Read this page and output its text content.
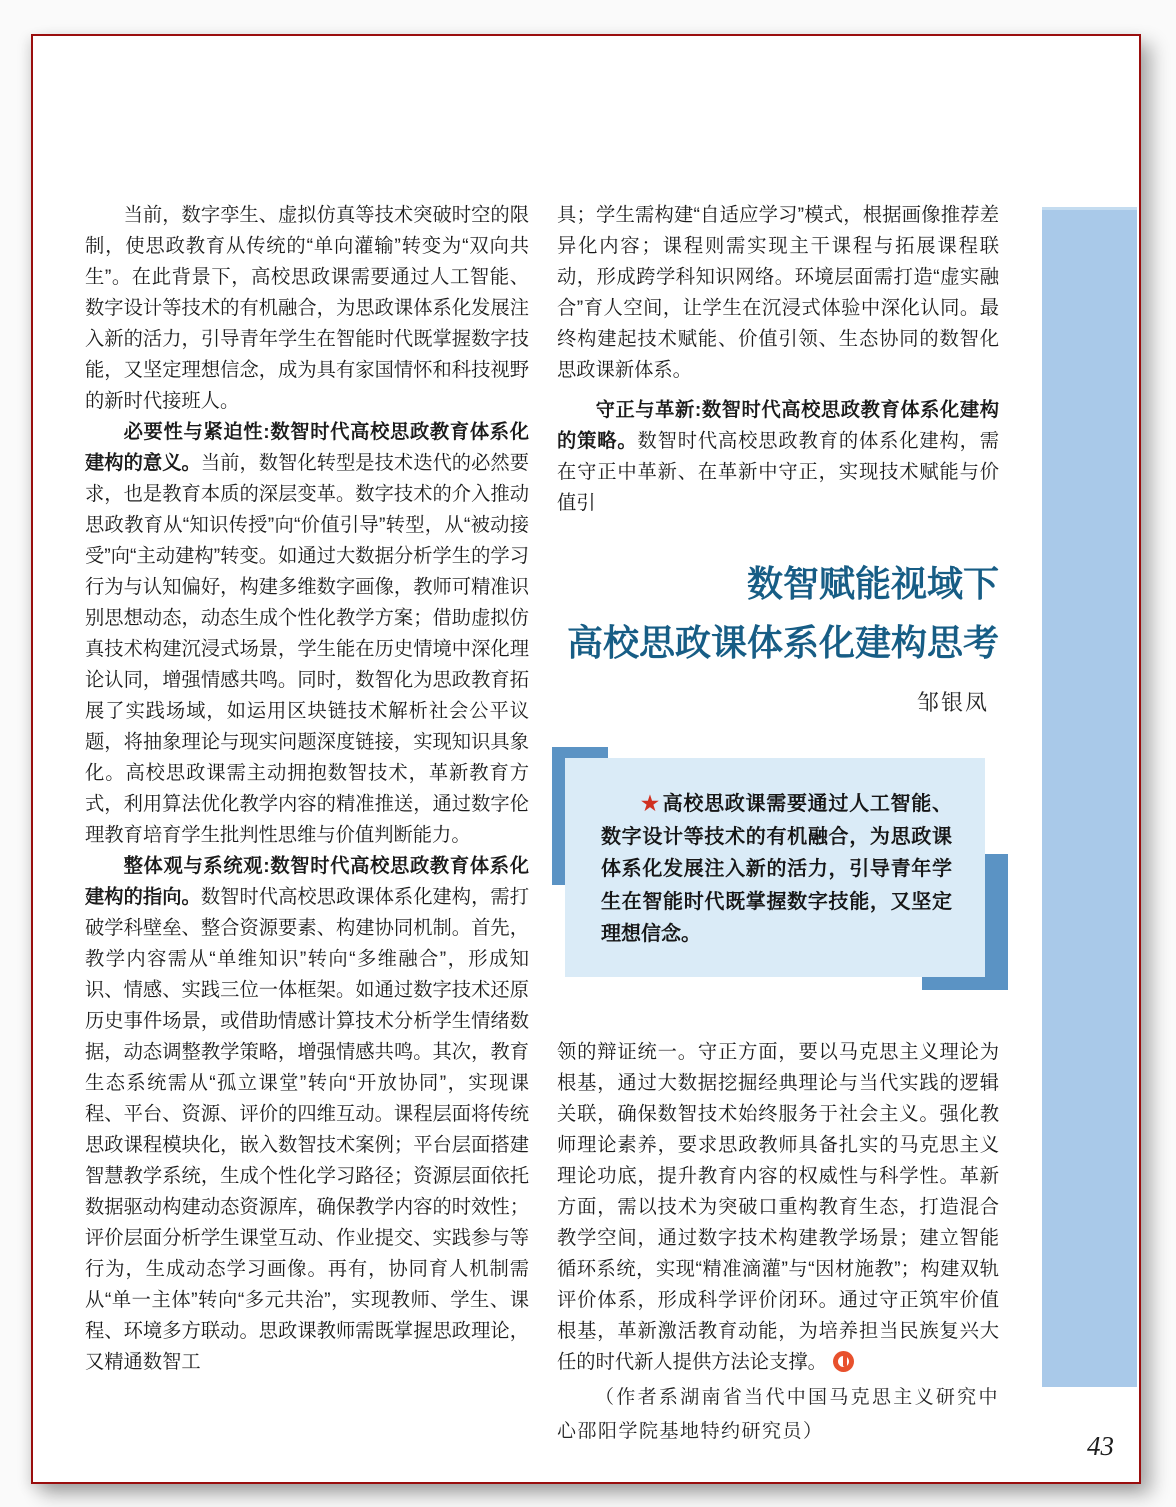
当前，数字孪生、虚拟仿真等技术突破时空的限制，使思政教育从传统的“单向灌输”转变为“双向共生”。在此背景下，高校思政课需要通过人工智能、数字设计等技术的有机融合，为思政课体系化发展注入新的活力，引导青年学生在智能时代既掌握数字技能，又坚定理想信念，成为具有家国情怀和科技视野的新时代接班人。

必要性与紧迫性:数智时代高校思政教育体系化建构的意义。当前，数智化转型是技术迭代的必然要求，也是教育本质的深层变革。数字技术的介入推动思政教育从“知识传授”向“价值引导”转型，从“被动接受”向“主动建构”转变。如通过大数据分析学生的学习行为与认知偏好，构建多维数字画像，教师可精准识别思想动态，动态生成个性化教学方案；借助虚拟仿真技术构建沉浸式场景，学生能在历史情境中深化理论认同，增强情感共鸣。同时，数智化为思政教育拓展了实践场域，如运用区块链技术解析社会公平议题，将抽象理论与现实问题深度链接，实现知识具象化。高校思政课需主动拥抱数智技术，革新教育方式，利用算法优化教学内容的精准推送，通过数字伦理教育培育学生批判性思维与价值判断能力。

整体观与系统观:数智时代高校思政教育体系化建构的指向。数智时代高校思政课体系化建构，需打破学科壁垒、整合资源要素、构建协同机制。首先，教学内容需从“单维知识”转向“多维融合”，形成知识、情感、实践三位一体框架。如通过数字技术还原历史事件场景，或借助情感计算技术分析学生情绪数据，动态调整教学策略，增强情感共鸣。其次，教育生态系统需从“孤立课堂”转向“开放协同”，实现课程、平台、资源、评价的四维互动。课程层面将传统思政课程模块化，嵌入数智技术案例；平台层面搭建智慧教学系统，生成个性化学习路径；资源层面依托数据驱动构建动态资源库，确保教学内容的时效性；评价层面分析学生课堂互动、作业提交、实践参与等行为，生成动态学习画像。再有，协同育人机制需从“单一主体”转向“多元共治”，实现教师、学生、课程、环境多方联动。思政课教师需既掌握思政理论，又精通数智工

具；学生需构建“自适应学习”模式，根据画像推荐差异化内容；课程则需实现主干课程与拓展课程联动，形成跨学科知识网络。环境层面需打造“虚实融合”育人空间，让学生在沉浸式体验中深化认同。最终构建起技术赋能、价值引领、生态协同的数智化思政课新体系。

守正与革新:数智时代高校思政教育体系化建构的策略。数智时代高校思政教育的体系化建构，需在守正中革新、在革新中守正，实现技术赋能与价值引

数智赋能视域下
高校思政课体系化建构思考
邹银凤

★ 高校思政课需要通过人工智能、数字设计等技术的有机融合，为思政课体系化发展注入新的活力，引导青年学生在智能时代既掌握数字技能，又坚定理想信念。

领的辩证统一。守正方面，要以马克思主义理论为根基，通过大数据挖掘经典理论与当代实践的逻辑关联，确保数智技术始终服务于社会主义。强化教师理论素养，要求思政教师具备扎实的马克思主义理论功底，提升教育内容的权威性与科学性。革新方面，需以技术为突破口重构教育生态，打造混合教学空间，通过数字技术构建教学场景；建立智能循环系统，实现“精准滴灌”与“因材施教”；构建双轨评价体系，形成科学评价闭环。通过守正筑牢价值根基，革新激活教育动能，为培养担当民族复兴大任的时代新人提供方法论支撑。

（作者系湖南省当代中国马克思主义研究中心邵阳学院基地特约研究员）	43
